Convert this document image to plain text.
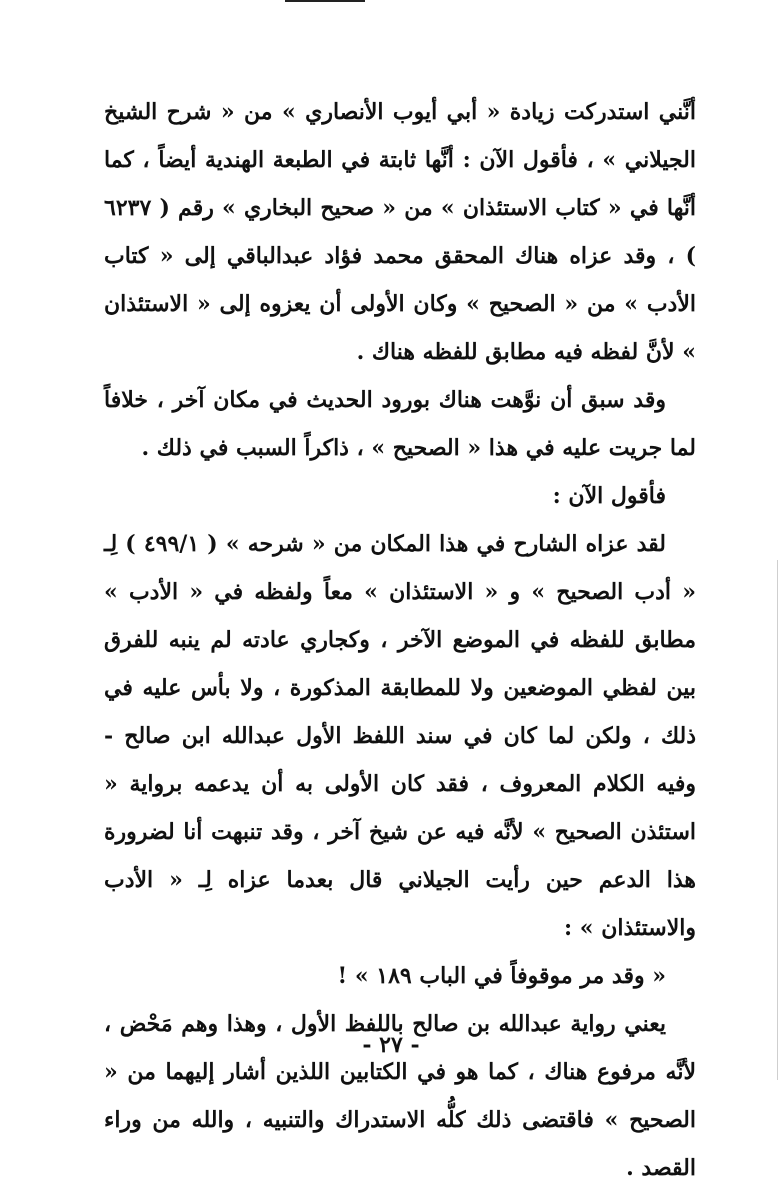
أنَّني استدركت زيادة « أبي أيوب الأنصاري » من « شرح الشيخ الجيلاني » ، فأقول الآن : أنَّها ثابتة في الطبعة الهندية أيضاً ، كما أنَّها في « كتاب الاستئذان » من « صحيح البخاري » رقم ( ٦٢٣٧ ) ، وقد عزاه هناك المحقق محمد فؤاد عبدالباقي إلى « كتاب الأدب » من « الصحيح » وكان الأولى أن يعزوه إلى « الاستئذان » لأنَّ لفظه فيه مطابق للفظه هناك .

وقد سبق أن نوَّهت هناك بورود الحديث في مكان آخر ، خلافاً لما جريت عليه في هذا « الصحيح » ، ذاكراً السبب في ذلك .

فأقول الآن :

لقد عزاه الشارح في هذا المكان من « شرحه » ( ٤٩٩/١ ) لِـ « أدب الصحيح » و « الاستئذان » معاً ولفظه في « الأدب » مطابق للفظه في الموضع الآخر ، وكجاري عادته لم ينبه للفرق بين لفظي الموضعين ولا للمطابقة المذكورة ، ولا بأس عليه في ذلك ، ولكن لما كان في سند اللفظ الأول عبدالله ابن صالح - وفيه الكلام المعروف ، فقد كان الأولى به أن يدعمه برواية « استئذن الصحيح » لأنَّه فيه عن شيخ آخر ، وقد تنبهت أنا لضرورة هذا الدعم حين رأيت الجيلاني قال بعدما عزاه لِـ « الأدب والاستئذان » :

« وقد مر موقوفاً في الباب ١٨٩ » !

يعني رواية عبدالله بن صالح باللفظ الأول ، وهذا وهم مَحْض ، لأنَّه مرفوع هناك ، كما هو في الكتابين اللذين أشار إليهما من « الصحيح » فاقتضى ذلك كلُّه الاستدراك والتنبيه ، والله من وراء القصد .

- ٢٧ -
